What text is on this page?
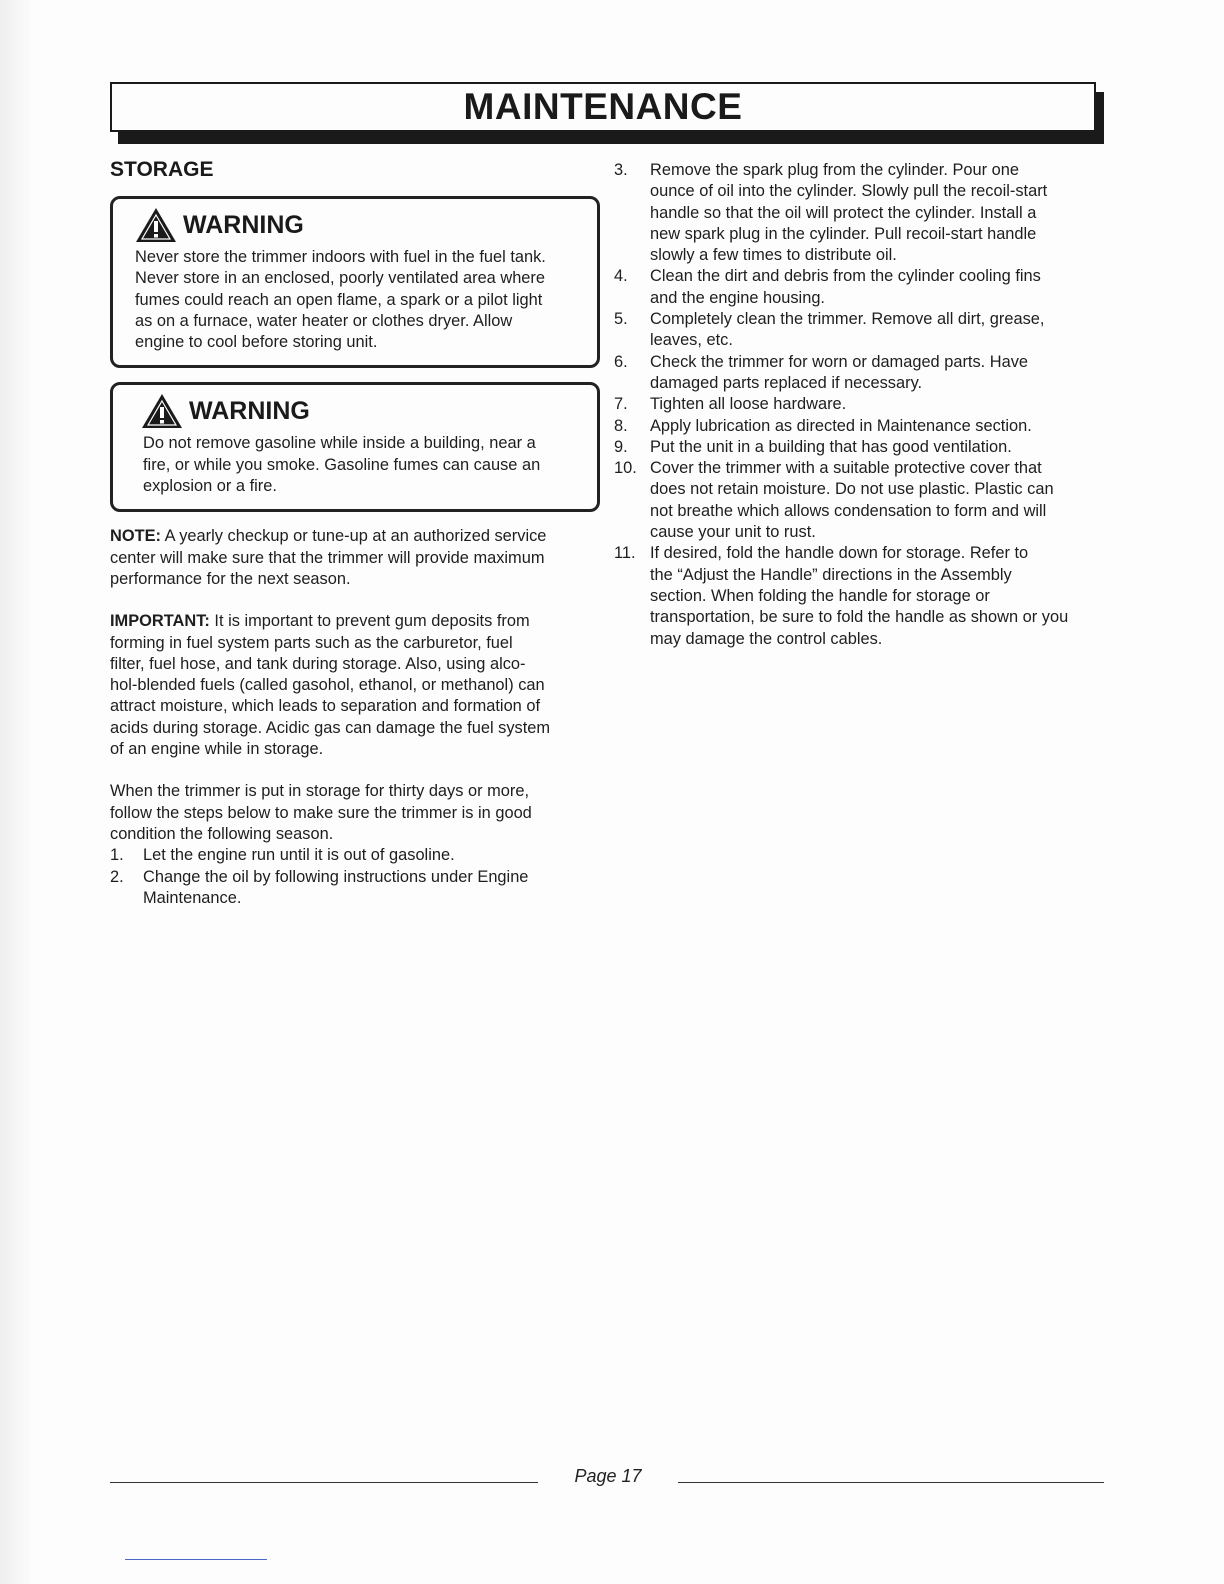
MAINTENANCE
STORAGE
WARNING
Never store the trimmer indoors with fuel in the fuel tank.
Never store in an enclosed, poorly ventilated area where
fumes could reach an open flame, a spark or a pilot light
as on a furnace, water heater or clothes dryer. Allow
engine to cool before storing unit.
WARNING
Do not remove gasoline while inside a building, near a
fire, or while you smoke. Gasoline fumes can cause an
explosion or a fire.
NOTE: A yearly checkup or tune-up at an authorized service
center will make sure that the trimmer will provide maximum
performance for the next season.
IMPORTANT: It is important to prevent gum deposits from
forming in fuel system parts such as the carburetor, fuel
filter, fuel hose, and tank during storage. Also, using alco-
hol-blended fuels (called gasohol, ethanol, or methanol) can
attract moisture, which leads to separation and formation of
acids during storage. Acidic gas can damage the fuel system
of an engine while in storage.
When the trimmer is put in storage for thirty days or more,
follow the steps below to make sure the trimmer is in good
condition the following season.
1.	Let the engine run until it is out of gasoline.
2.	Change the oil by following instructions under Engine
Maintenance.
3.	Remove the spark plug from the cylinder. Pour one
ounce of oil into the cylinder. Slowly pull the recoil-start
handle so that the oil will protect the cylinder. Install a
new spark plug in the cylinder. Pull recoil-start handle
slowly a few times to distribute oil.
4.	Clean the dirt and debris from the cylinder cooling fins
and the engine housing.
5.	Completely clean the trimmer. Remove all dirt, grease,
leaves, etc.
6.	Check the trimmer for worn or damaged parts. Have
damaged parts replaced if necessary.
7.	Tighten all loose hardware.
8.	Apply lubrication as directed in Maintenance section.
9.	Put the unit in a building that has good ventilation.
10. Cover the trimmer with a suitable protective cover that
does not retain moisture. Do not use plastic. Plastic can
not breathe which allows condensation to form and will
cause your unit to rust.
11. If desired, fold the handle down for storage. Refer to
the “Adjust the Handle” directions in the Assembly
section. When folding the handle for storage or
transportation, be sure to fold the handle as shown or you
may damage the control cables.
Page 17
